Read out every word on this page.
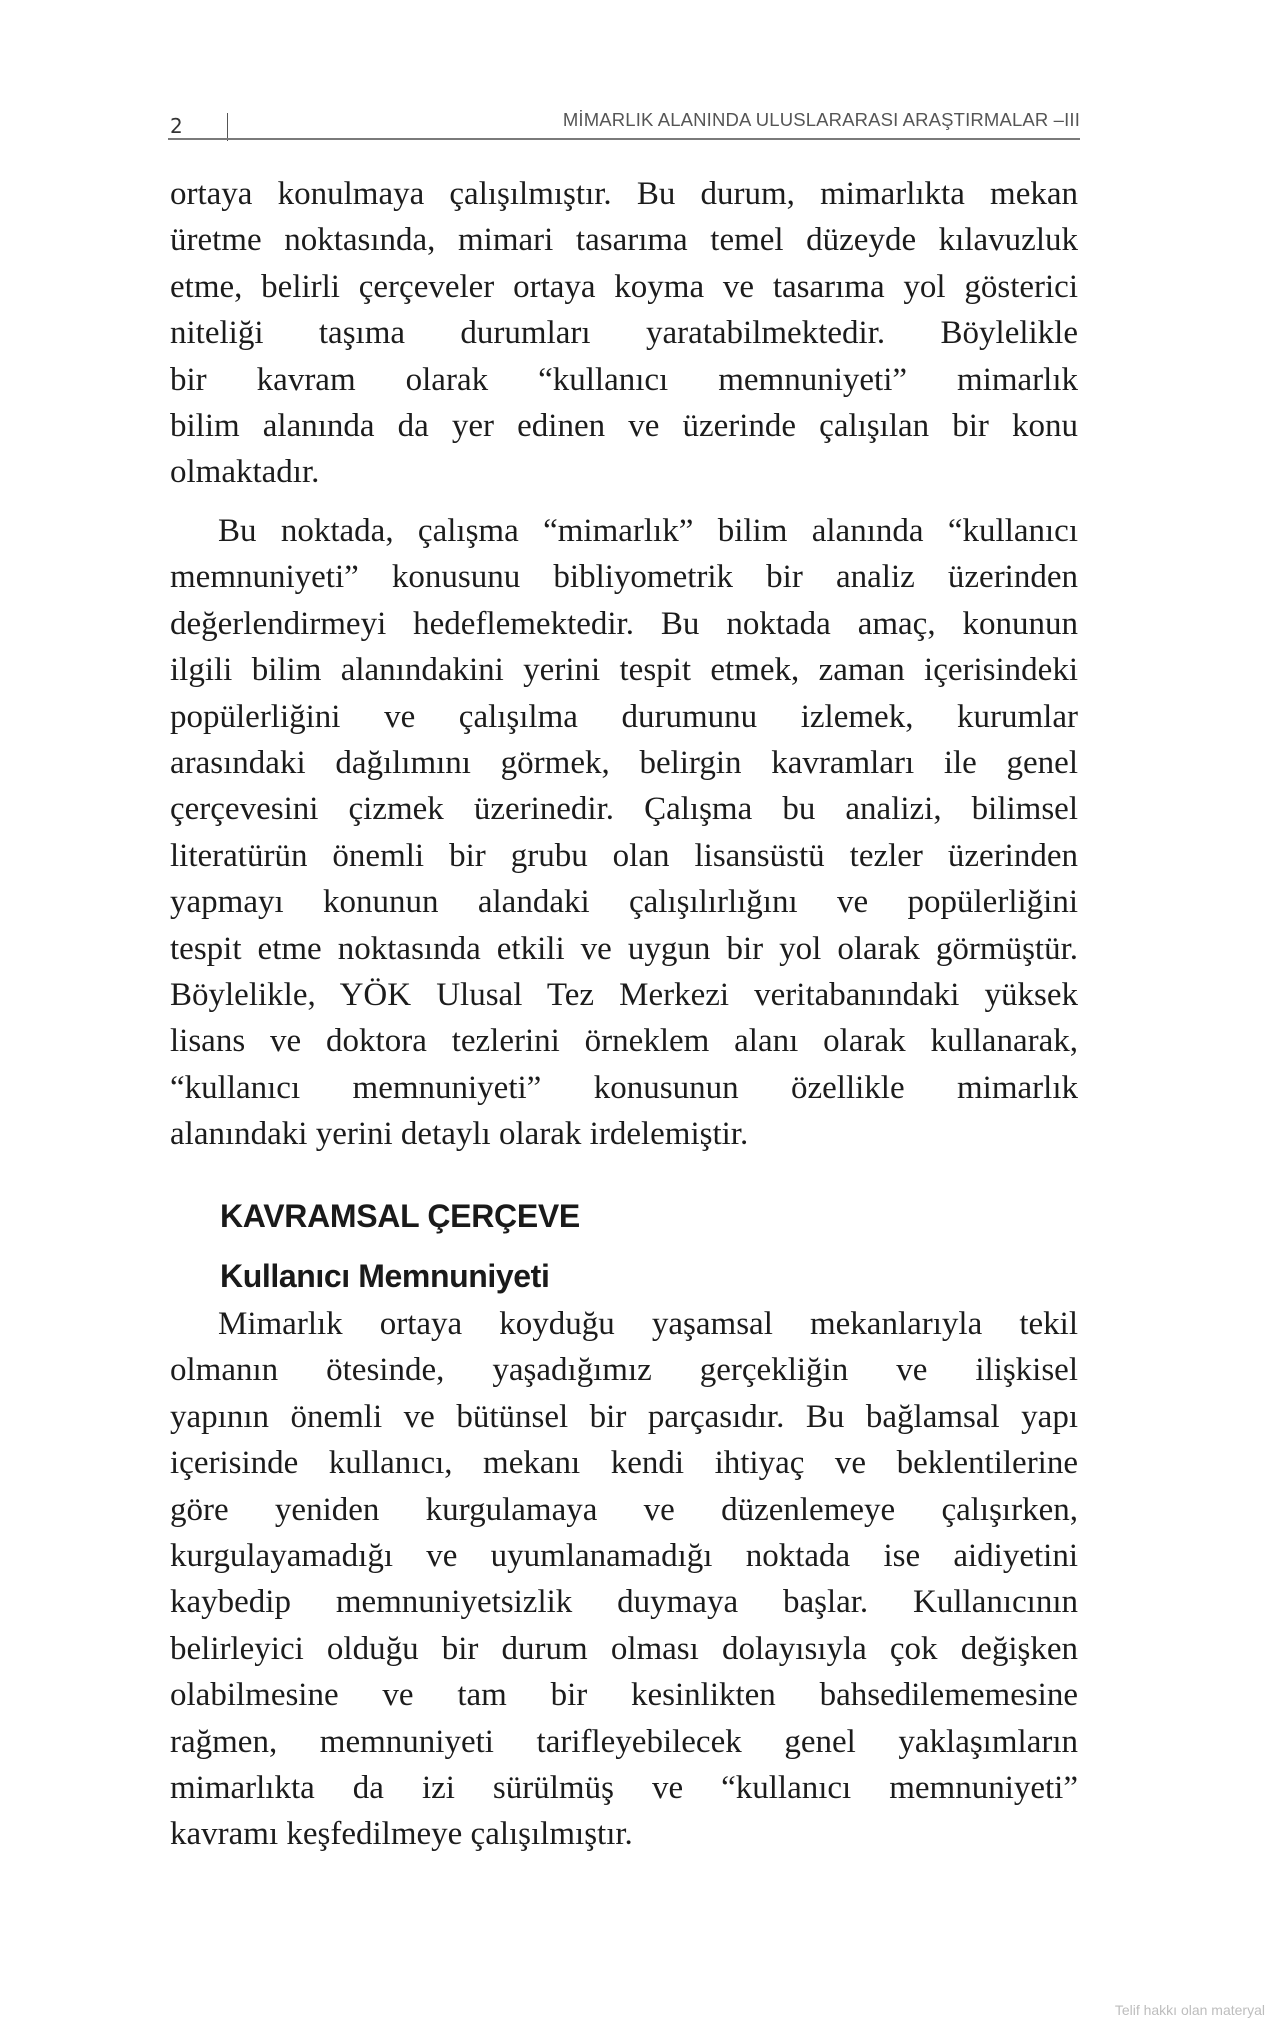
2	MİMARLIK ALANINDA ULUSLARARASI ARAŞTIRMALAR –III
ortaya konulmaya çalışılmıştır. Bu durum, mimarlıkta mekan
üretme noktasında, mimari tasarıma temel düzeyde kılavuzluk
etme, belirli çerçeveler ortaya koyma ve tasarıma yol gösterici
niteliği taşıma durumları yaratabilmektedir. Böylelikle
bir kavram olarak “kullanıcı memnuniyeti” mimarlık
bilim alanında da yer edinen ve üzerinde çalışılan bir konu
olmaktadır.
Bu noktada, çalışma “mimarlık” bilim alanında “kullanıcı
memnuniyeti” konusunu bibliyometrik bir analiz üzerinden
değerlendirmeyi hedeflemektedir. Bu noktada amaç, konunun
ilgili bilim alanındakini yerini tespit etmek, zaman içerisindeki
popülerliğini ve çalışılma durumunu izlemek, kurumlar
arasındaki dağılımını görmek, belirgin kavramları ile genel
çerçevesini çizmek üzerinedir. Çalışma bu analizi, bilimsel
literatürün önemli bir grubu olan lisansüstü tezler üzerinden
yapmayı konunun alandaki çalışılırlığını ve popülerliğini
tespit etme noktasında etkili ve uygun bir yol olarak görmüştür.
Böylelikle, YÖK Ulusal Tez Merkezi veritabanındaki yüksek
lisans ve doktora tezlerini örneklem alanı olarak kullanarak,
“kullanıcı memnuniyeti” konusunun özellikle mimarlık
alanındaki yerini detaylı olarak irdelemiştir.
KAVRAMSAL ÇERÇEVE
Kullanıcı Memnuniyeti
Mimarlık ortaya koyduğu yaşamsal mekanlarıyla tekil
olmanın ötesinde, yaşadığımız gerçekliğin ve ilişkisel
yapının önemli ve bütünsel bir parçasıdır. Bu bağlamsal yapı
içerisinde kullanıcı, mekanı kendi ihtiyaç ve beklentilerine
göre yeniden kurgulamaya ve düzenlemeye çalışırken,
kurgulayamadığı ve uyumlanamadığı noktada ise aidiyetini
kaybedip memnuniyetsizlik duymaya başlar. Kullanıcının
belirleyici olduğu bir durum olması dolayısıyla çok değişken
olabilmesine ve tam bir kesinlikten bahsedilememesine
rağmen, memnuniyeti tarifleyebilecek genel yaklaşımların
mimarlıkta da izi sürülmüş ve “kullanıcı memnuniyeti”
kavramı keşfedilmeye çalışılmıştır.
Telif hakkı olan materyal
